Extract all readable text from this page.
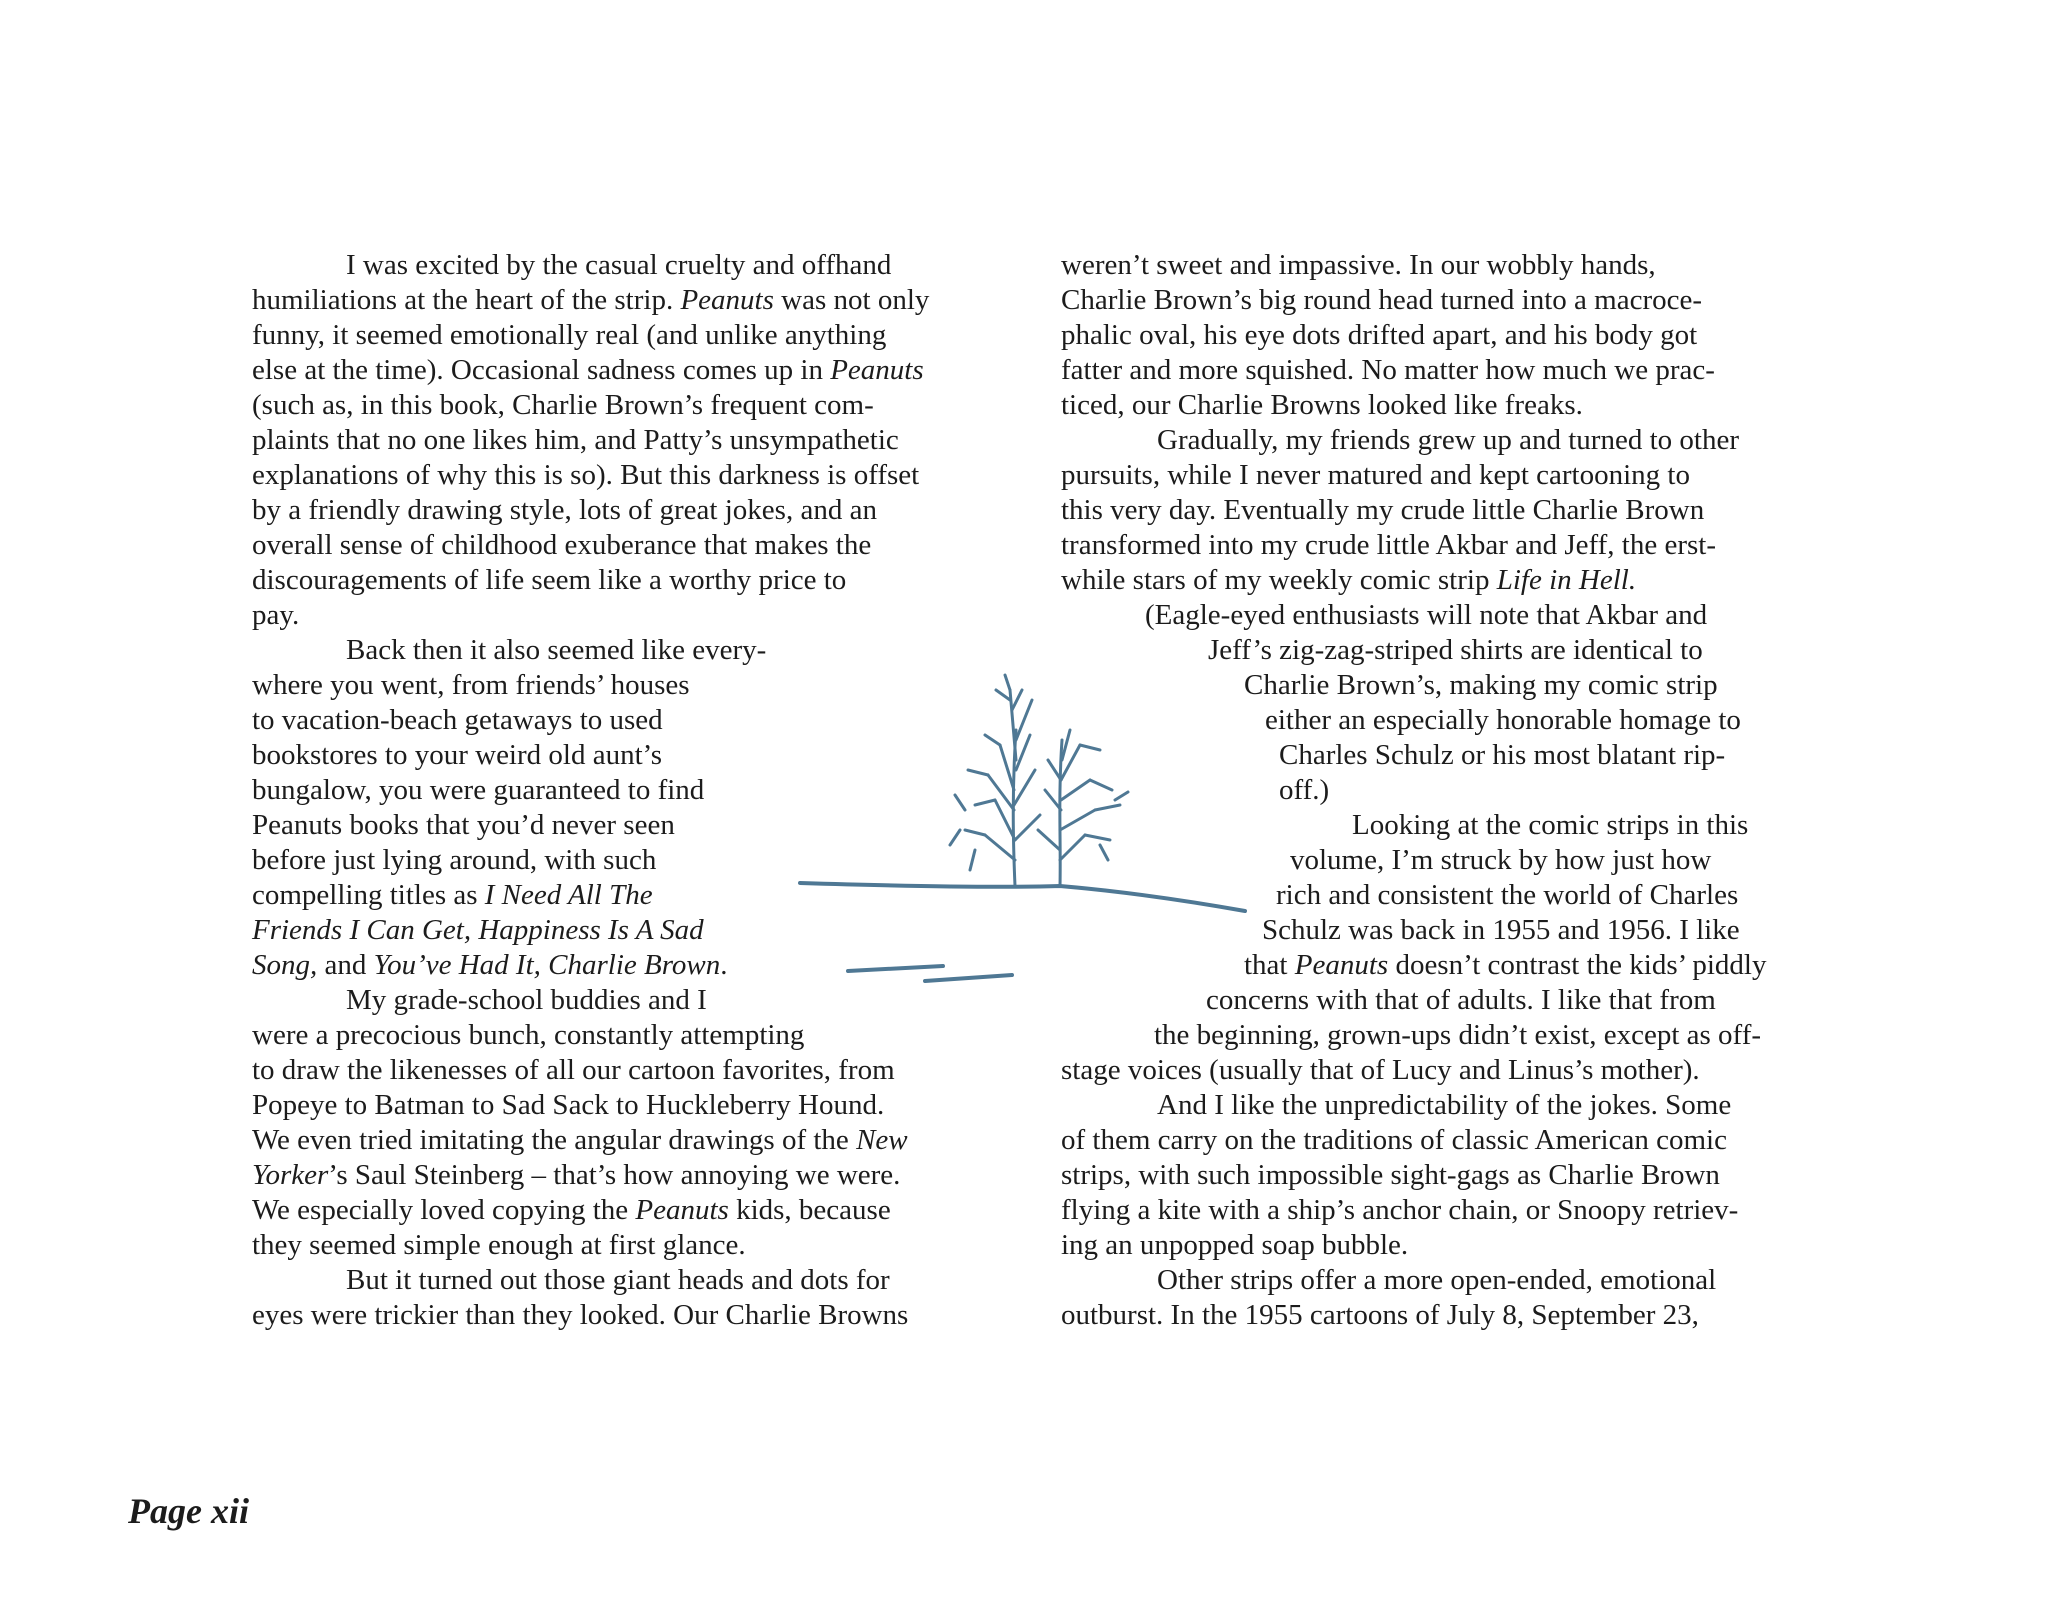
I was excited by the casual cruelty and offhand
humiliations at the heart of the strip. Peanuts was not only
funny, it seemed emotionally real (and unlike anything
else at the time). Occasional sadness comes up in Peanuts
(such as, in this book, Charlie Brown’s frequent com-
plaints that no one likes him, and Patty’s unsympathetic
explanations of why this is so). But this darkness is offset
by a friendly drawing style, lots of great jokes, and an
overall sense of childhood exuberance that makes the
discouragements of life seem like a worthy price to
pay.
Back then it also seemed like every-
where you went, from friends’ houses
to vacation-beach getaways to used
bookstores to your weird old aunt’s
bungalow, you were guaranteed to find
Peanuts books that you’d never seen
before just lying around, with such
compelling titles as I Need All The
Friends I Can Get, Happiness Is A Sad
Song, and You’ve Had It, Charlie Brown.
My grade-school buddies and I
were a precocious bunch, constantly attempting
to draw the likenesses of all our cartoon favorites, from
Popeye to Batman to Sad Sack to Huckleberry Hound.
We even tried imitating the angular drawings of the New
Yorker’s Saul Steinberg – that’s how annoying we were.
We especially loved copying the Peanuts kids, because
they seemed simple enough at first glance.
But it turned out those giant heads and dots for
eyes were trickier than they looked. Our Charlie Browns
weren’t sweet and impassive. In our wobbly hands,
Charlie Brown’s big round head turned into a macroce-
phalic oval, his eye dots drifted apart, and his body got
fatter and more squished. No matter how much we prac-
ticed, our Charlie Browns looked like freaks.
Gradually, my friends grew up and turned to other
pursuits, while I never matured and kept cartooning to
this very day. Eventually my crude little Charlie Brown
transformed into my crude little Akbar and Jeff, the erst-
while stars of my weekly comic strip Life in Hell.
(Eagle-eyed enthusiasts will note that Akbar and
Jeff’s zig-zag-striped shirts are identical to
Charlie Brown’s, making my comic strip
either an especially honorable homage to
Charles Schulz or his most blatant rip-
off.)
Looking at the comic strips in this
volume, I’m struck by how just how
rich and consistent the world of Charles
Schulz was back in 1955 and 1956. I like
that Peanuts doesn’t contrast the kids’ piddly
concerns with that of adults. I like that from
the beginning, grown-ups didn’t exist, except as off-
stage voices (usually that of Lucy and Linus’s mother).
And I like the unpredictability of the jokes. Some
of them carry on the traditions of classic American comic
strips, with such impossible sight-gags as Charlie Brown
flying a kite with a ship’s anchor chain, or Snoopy retriev-
ing an unpopped soap bubble.
Other strips offer a more open-ended, emotional
outburst. In the 1955 cartoons of July 8, September 23,
Page xii
